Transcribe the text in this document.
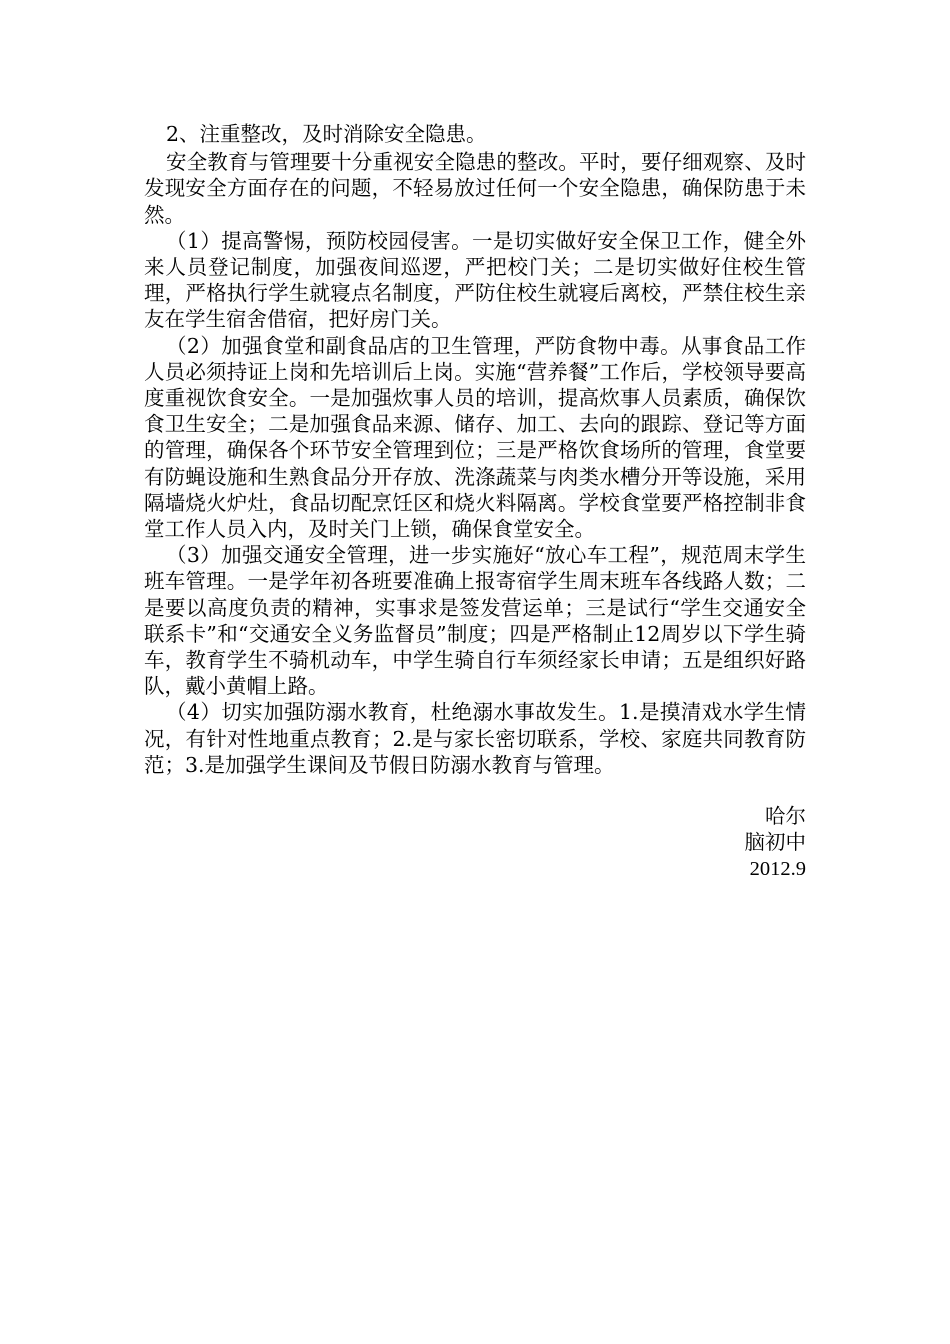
2、注重整改，及时消除安全隐患。

安全教育与管理要十分重视安全隐患的整改。平时，要仔细观察、及时发现安全方面存在的问题，不轻易放过任何一个安全隐患，确保防患于未然。

（1）提高警惕，预防校园侵害。一是切实做好安全保卫工作，健全外来人员登记制度，加强夜间巡逻，严把校门关；二是切实做好住校生管理，严格执行学生就寝点名制度，严防住校生就寝后离校，严禁住校生亲友在学生宿舍借宿，把好房门关。

（2）加强食堂和副食品店的卫生管理，严防食物中毒。从事食品工作人员必须持证上岗和先培训后上岗。实施“营养餐”工作后，学校领导要高度重视饮食安全。一是加强炊事人员的培训，提高炊事人员素质，确保饮食卫生安全；二是加强食品来源、储存、加工、去向的跟踪、登记等方面的管理，确保各个环节安全管理到位；三是严格饮食场所的管理，食堂要有防蝇设施和生熟食品分开存放、洗涤蔬菜与肉类水槽分开等设施，采用隔墙烧火炉灶，食品切配烹饪区和烧火料隔离。学校食堂要严格控制非食堂工作人员入内，及时关门上锁，确保食堂安全。

（3）加强交通安全管理，进一步实施好“放心车工程”，规范周末学生班车管理。一是学年初各班要准确上报寄宿学生周末班车各线路人数；二是要以高度负责的精神，实事求是签发营运单；三是试行“学生交通安全联系卡”和“交通安全义务监督员”制度；四是严格制止12周岁以下学生骑车，教育学生不骑机动车，中学生骑自行车须经家长申请；五是组织好路队，戴小黄帽上路。

（4）切实加强防溺水教育，杜绝溺水事故发生。1.是摸清戏水学生情况，有针对性地重点教育；2.是与家长密切联系，学校、家庭共同教育防范；3.是加强学生课间及节假日防溺水教育与管理。

哈尔
脑初中
2012.9
